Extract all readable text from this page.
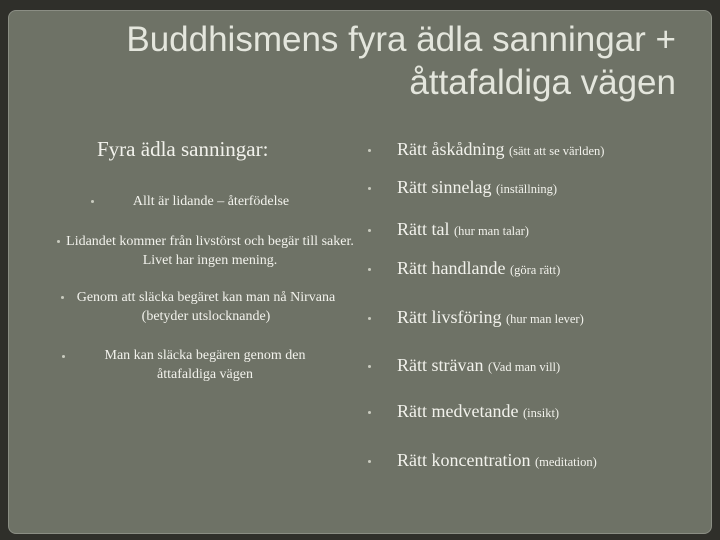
Buddhismens fyra ädla sanningar +
åttafaldiga vägen
Fyra ädla sanningar:
Allt är lidande – återfödelse
Lidandet kommer från livstörst och begär till saker. Livet har ingen mening.
Genom att släcka begäret kan man nå Nirvana (betyder utslocknande)
Man kan släcka begären genom den åttafaldiga vägen
Rätt åskådning (sätt att se världen)
Rätt sinnelag (inställning)
Rätt tal (hur man talar)
Rätt handlande (göra rätt)
Rätt livsföring (hur man lever)
Rätt strävan (Vad man vill)
Rätt medvetande (insikt)
Rätt koncentration (meditation)
